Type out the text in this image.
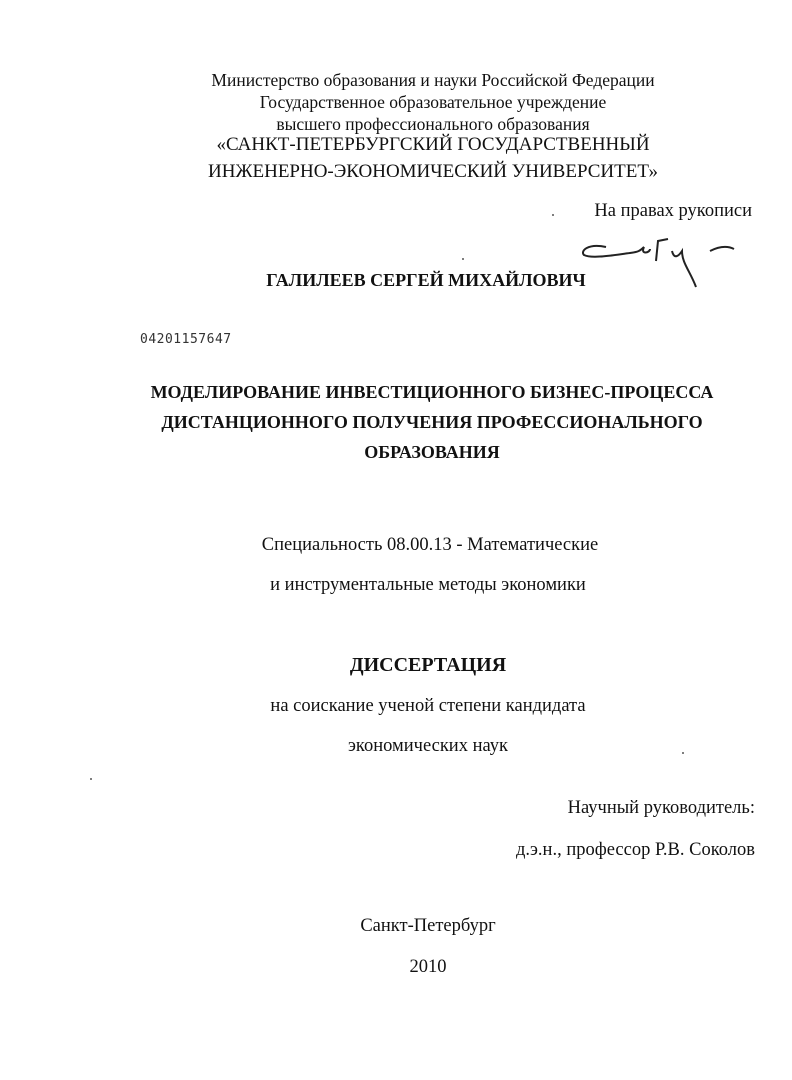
Министерство образования и науки Российской Федерации
Государственное образовательное учреждение
высшего профессионального образования
«САНКТ-ПЕТЕРБУРГСКИЙ ГОСУДАРСТВЕННЫЙ
ИНЖЕНЕРНО-ЭКОНОМИЧЕСКИЙ УНИВЕРСИТЕТ»
На правах рукописи
ГАЛИЛЕЕВ СЕРГЕЙ МИХАЙЛОВИЧ
04201157647
МОДЕЛИРОВАНИЕ ИНВЕСТИЦИОННОГО БИЗНЕС-ПРОЦЕССА
ДИСТАНЦИОННОГО ПОЛУЧЕНИЯ ПРОФЕССИОНАЛЬНОГО
ОБРАЗОВАНИЯ
Специальность 08.00.13 - Математические
и инструментальные методы экономики
ДИССЕРТАЦИЯ
на соискание ученой степени кандидата
экономических наук
Научный руководитель:
д.э.н., профессор Р.В. Соколов
Санкт-Петербург
2010
